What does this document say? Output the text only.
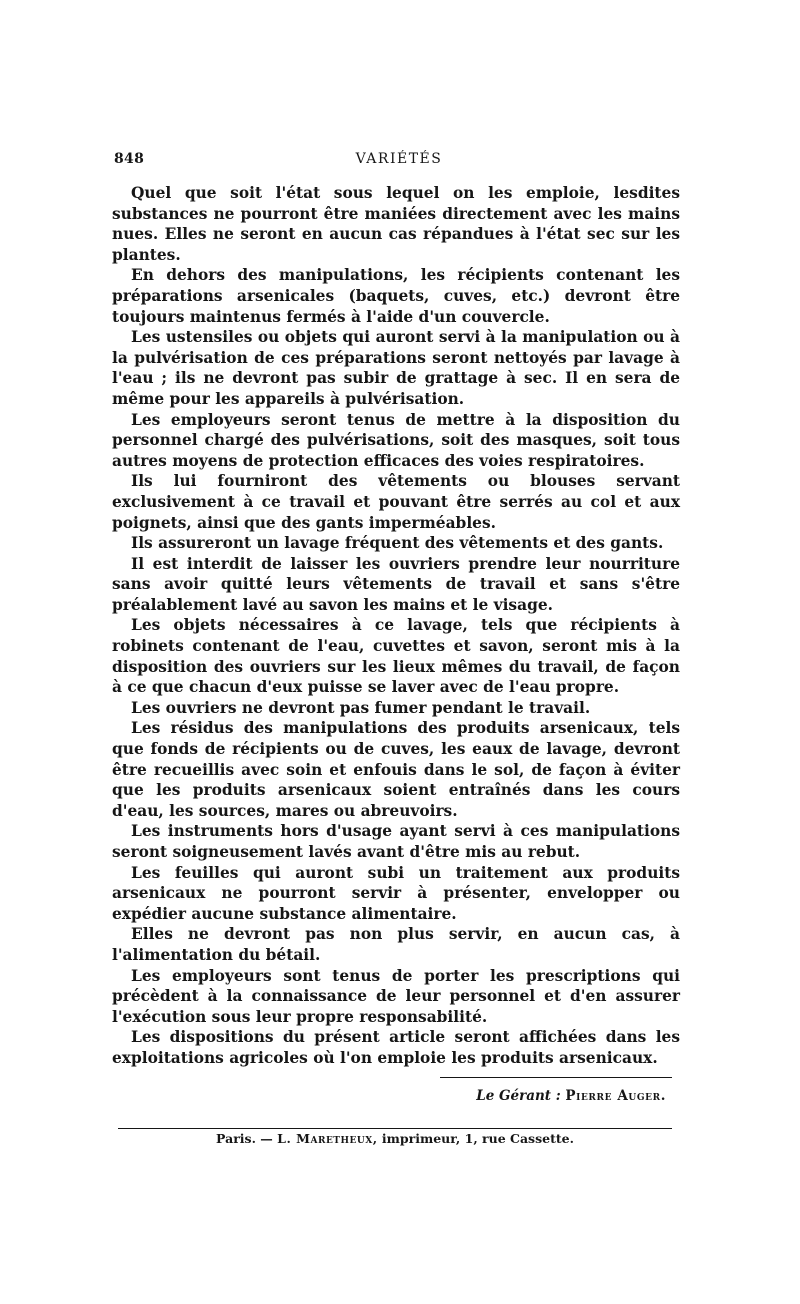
848	VARIÉTÉS

Quel que soit l'état sous lequel on les emploie, lesdites substances ne pourront être maniées directement avec les mains nues. Elles ne seront en aucun cas répandues à l'état sec sur les plantes.

En dehors des manipulations, les récipients contenant les préparations arsenicales (baquets, cuves, etc.) devront être toujours maintenus fermés à l'aide d'un couvercle.

Les ustensiles ou objets qui auront servi à la manipulation ou à la pulvérisation de ces préparations seront nettoyés par lavage à l'eau ; ils ne devront pas subir de grattage à sec. Il en sera de même pour les appareils à pulvérisation.

Les employeurs seront tenus de mettre à la disposition du personnel chargé des pulvérisations, soit des masques, soit tous autres moyens de protection efficaces des voies respiratoires.

Ils lui fourniront des vêtements ou blouses servant exclusivement à ce travail et pouvant être serrés au col et aux poignets, ainsi que des gants imperméables.

Ils assureront un lavage fréquent des vêtements et des gants.

Il est interdit de laisser les ouvriers prendre leur nourriture sans avoir quitté leurs vêtements de travail et sans s'être préalablement lavé au savon les mains et le visage.

Les objets nécessaires à ce lavage, tels que récipients à robinets contenant de l'eau, cuvettes et savon, seront mis à la disposition des ouvriers sur les lieux mêmes du travail, de façon à ce que chacun d'eux puisse se laver avec de l'eau propre.

Les ouvriers ne devront pas fumer pendant le travail.

Les résidus des manipulations des produits arsenicaux, tels que fonds de récipients ou de cuves, les eaux de lavage, devront être recueillis avec soin et enfouis dans le sol, de façon à éviter que les produits arsenicaux soient entraînés dans les cours d'eau, les sources, mares ou abreuvoirs.

Les instruments hors d'usage ayant servi à ces manipulations seront soigneusement lavés avant d'être mis au rebut.

Les feuilles qui auront subi un traitement aux produits arsenicaux ne pourront servir à présenter, envelopper ou expédier aucune substance alimentaire.

Elles ne devront pas non plus servir, en aucun cas, à l'alimentation du bétail.

Les employeurs sont tenus de porter les prescriptions qui précèdent à la connaissance de leur personnel et d'en assurer l'exécution sous leur propre responsabilité.

Les dispositions du présent article seront affichées dans les exploitations agricoles où l'on emploie les produits arsenicaux.

Le Gérant : Pierre Auger.
Paris. — L. Maretheux, imprimeur, 1, rue Cassette.
